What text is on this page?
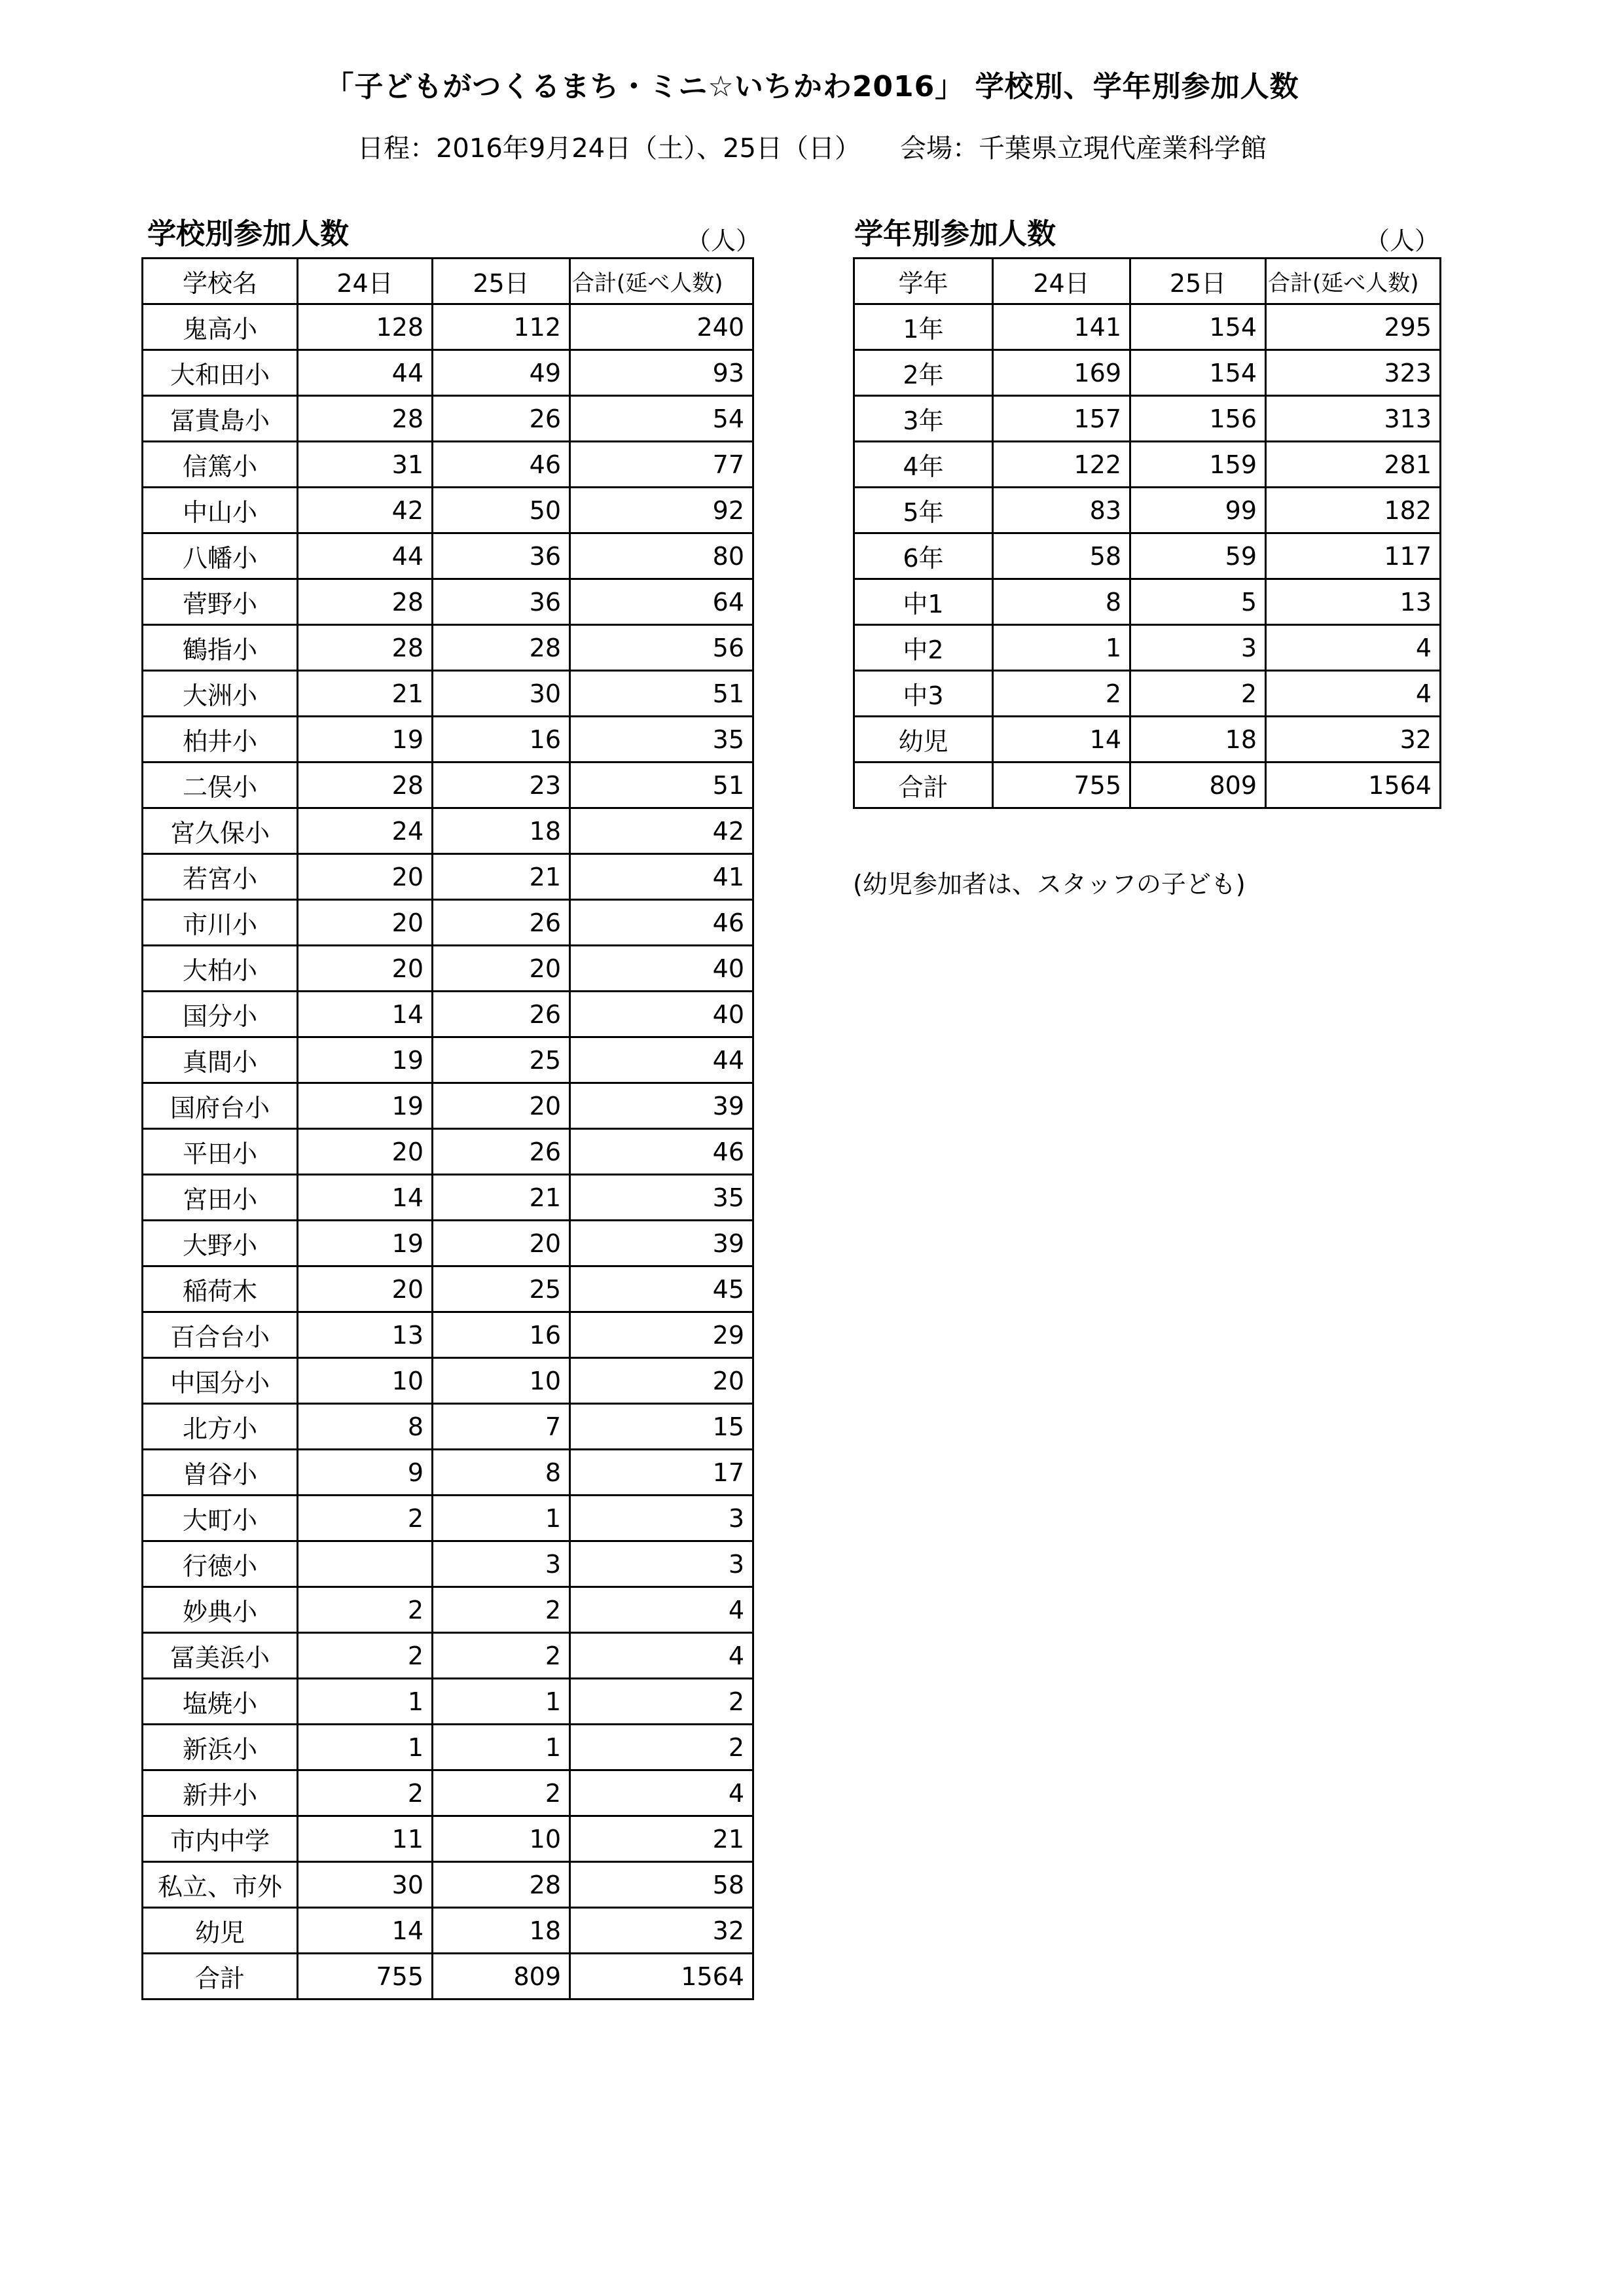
「子どもがつくるまち・ミニ☆いちかわ2016」 学校別、学年別参加人数
日程：2016年9月24日（土）、25日（日）　　会場：千葉県立現代産業科学館
学校別参加人数	（人）	学年別参加人数	（人）
学校名	24日	25日	合計(延べ人数)
鬼高小	128	112	240
大和田小	44	49	93
冨貴島小	28	26	54
信篤小	31	46	77
中山小	42	50	92
八幡小	44	36	80
菅野小	28	36	64
鶴指小	28	28	56
大洲小	21	30	51
柏井小	19	16	35
二俣小	28	23	51
宮久保小	24	18	42
若宮小	20	21	41
市川小	20	26	46
大柏小	20	20	40
国分小	14	26	40
真間小	19	25	44
国府台小	19	20	39
平田小	20	26	46
宮田小	14	21	35
大野小	19	20	39
稲荷木	20	25	45
百合台小	13	16	29
中国分小	10	10	20
北方小	8	7	15
曽谷小	9	8	17
大町小	2	1	3
行徳小		3	3
妙典小	2	2	4
冨美浜小	2	2	4
塩焼小	1	1	2
新浜小	1	1	2
新井小	2	2	4
市内中学	11	10	21
私立、市外	30	28	58
幼児	14	18	32
合計	755	809	1564
学年	24日	25日	合計(延べ人数)
1年	141	154	295
2年	169	154	323
3年	157	156	313
4年	122	159	281
5年	83	99	182
6年	58	59	117
中1	8	5	13
中2	1	3	4
中3	2	2	4
幼児	14	18	32
合計	755	809	1564
(幼児参加者は、スタッフの子ども)
